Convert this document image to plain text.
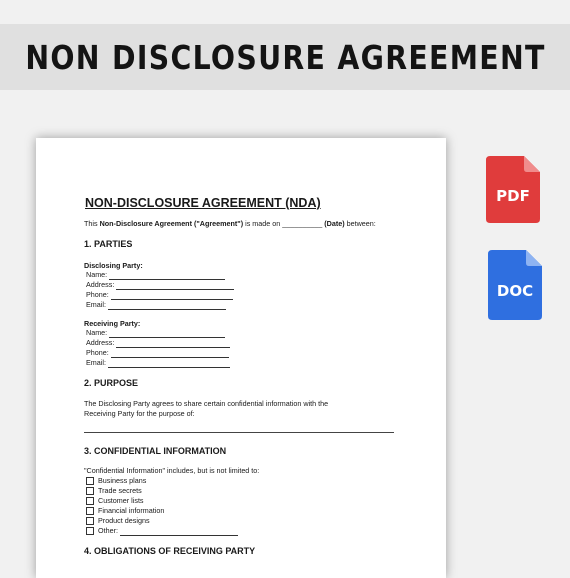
NON DISCLOSURE AGREEMENT
NON-DISCLOSURE AGREEMENT (NDA)
This Non-Disclosure Agreement ("Agreement") is made on __________ (Date) between:
1. PARTIES
Disclosing Party:
Name:
Address:
Phone:
Email:
Receiving Party:
Name:
Address:
Phone:
Email:
2. PURPOSE
The Disclosing Party agrees to share certain confidential information with the Receiving Party for the purpose of:
3. CONFIDENTIAL INFORMATION
"Confidential Information" includes, but is not limited to:
Business plans
Trade secrets
Customer lists
Financial information
Product designs
Other:
4. OBLIGATIONS OF RECEIVING PARTY
PDF
DOC
